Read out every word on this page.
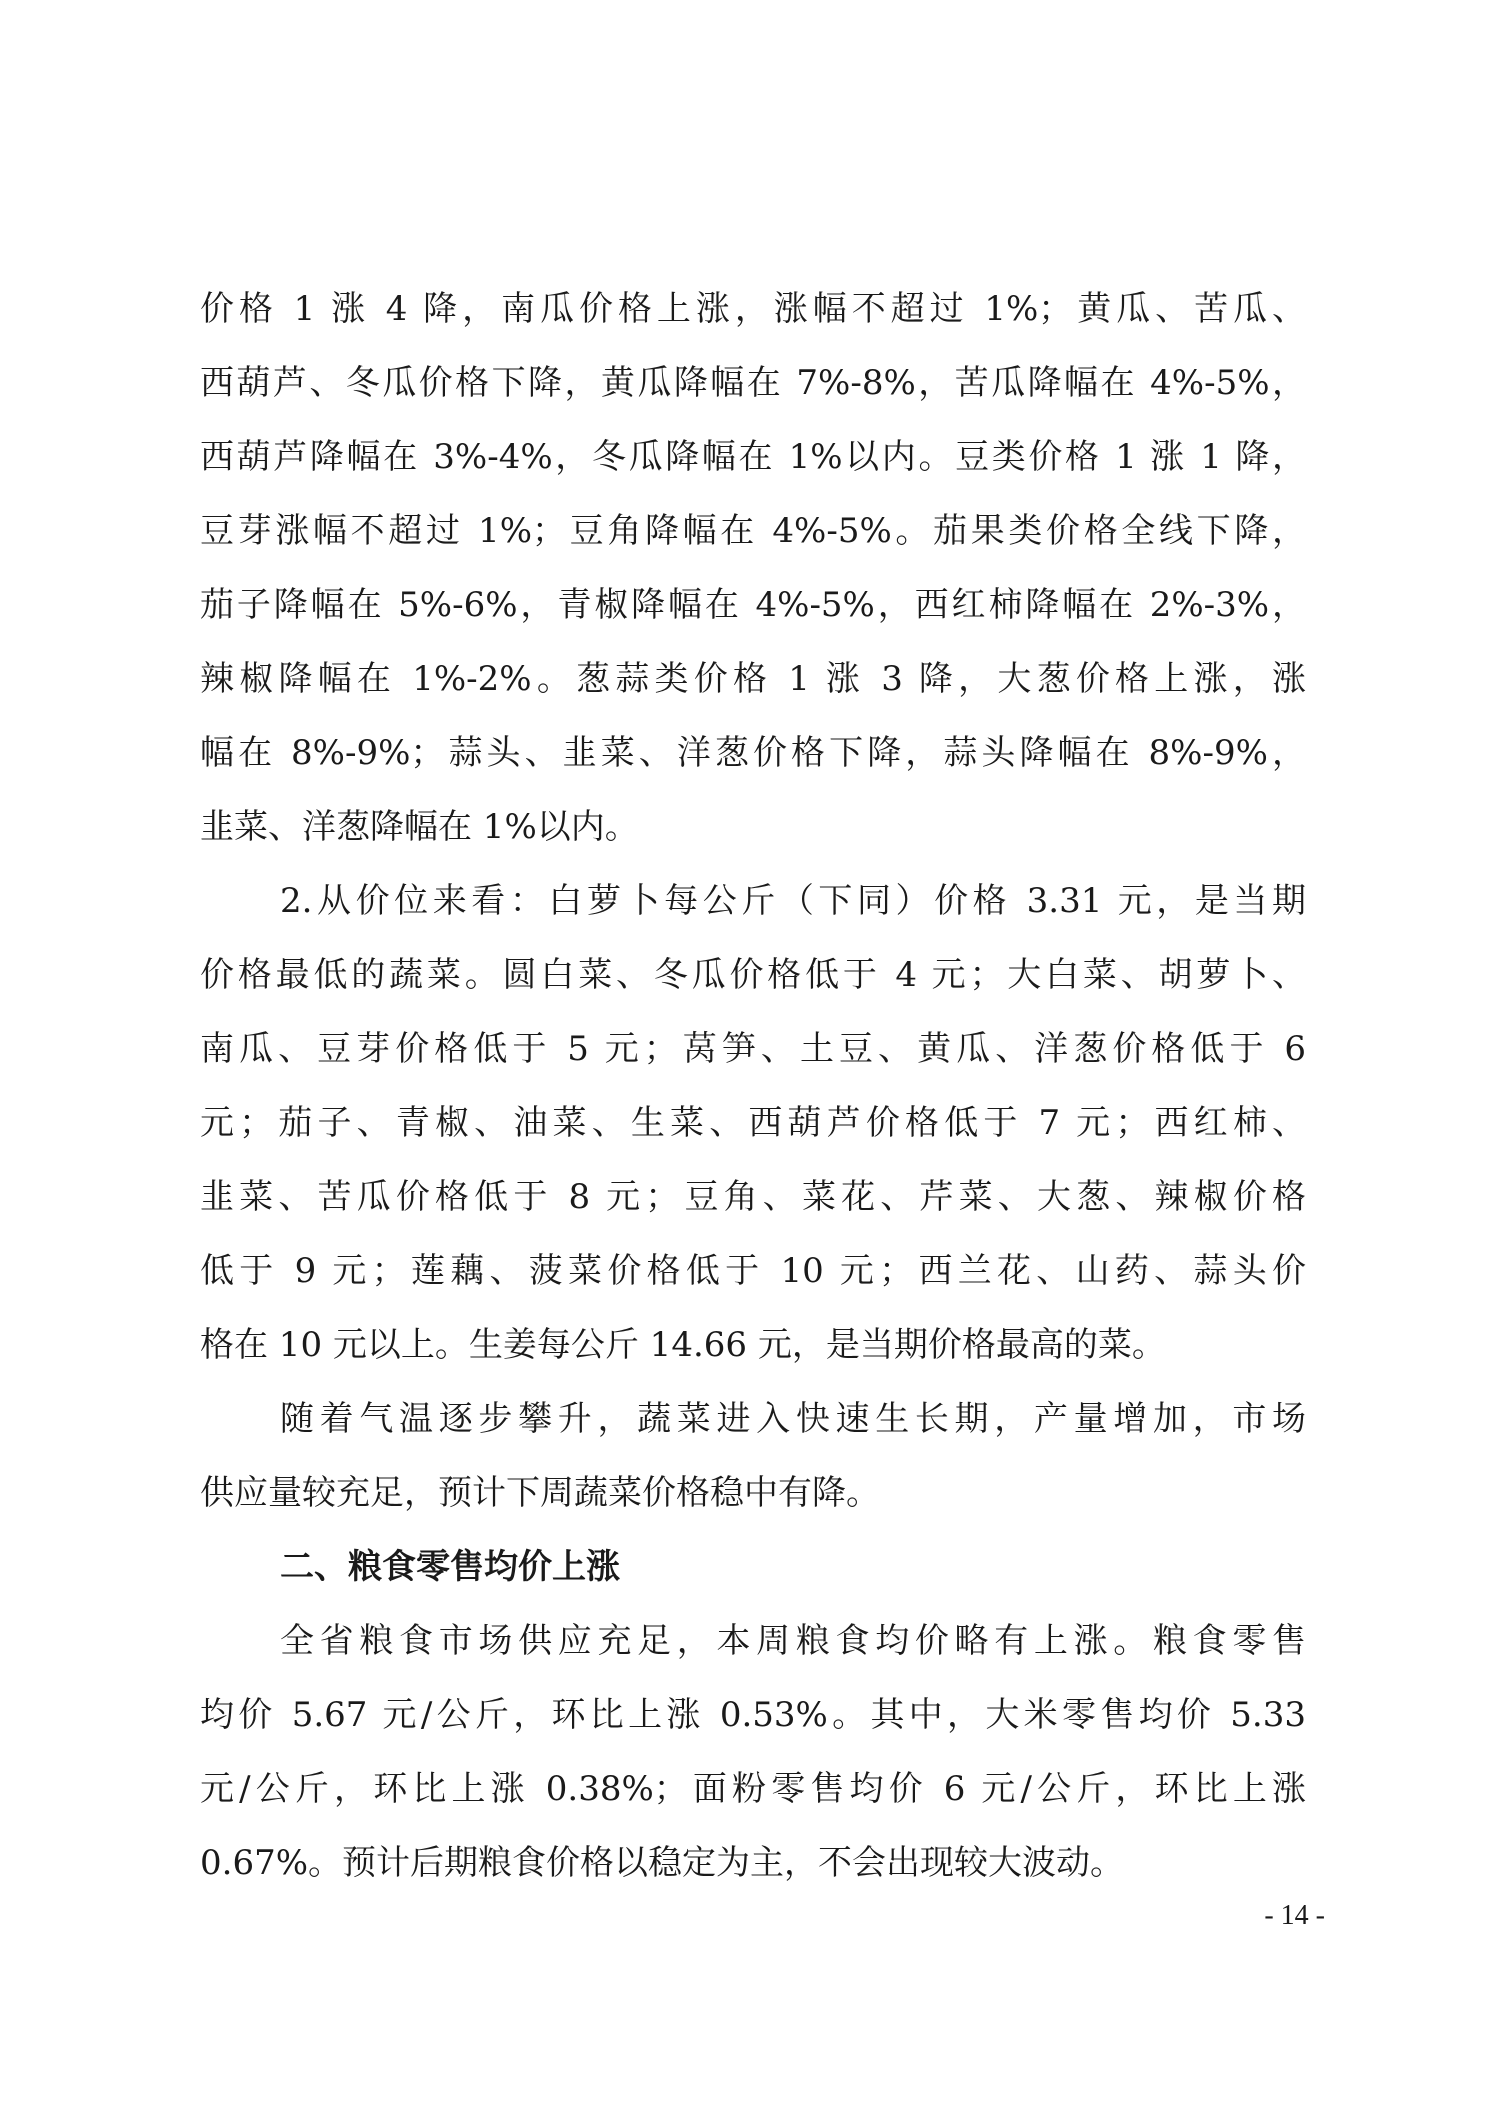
价格 1 涨 4 降，南瓜价格上涨，涨幅不超过 1%；黄瓜、苦瓜、
西葫芦、冬瓜价格下降，黄瓜降幅在 7%-8%，苦瓜降幅在 4%-5%，
西葫芦降幅在 3%-4%，冬瓜降幅在 1%以内。豆类价格 1 涨 1 降，
豆芽涨幅不超过 1%；豆角降幅在 4%-5%。茄果类价格全线下降，
茄子降幅在 5%-6%，青椒降幅在 4%-5%，西红柿降幅在 2%-3%，
辣椒降幅在 1%-2%。葱蒜类价格 1 涨 3 降，大葱价格上涨，涨
幅在 8%-9%；蒜头、韭菜、洋葱价格下降，蒜头降幅在 8%-9%，
韭菜、洋葱降幅在 1%以内。
2.从价位来看：白萝卜每公斤（下同）价格 3.31 元，是当期
价格最低的蔬菜。圆白菜、冬瓜价格低于 4 元；大白菜、胡萝卜、
南瓜、豆芽价格低于 5 元；莴笋、土豆、黄瓜、洋葱价格低于 6
元；茄子、青椒、油菜、生菜、西葫芦价格低于 7 元；西红柿、
韭菜、苦瓜价格低于 8 元；豆角、菜花、芹菜、大葱、辣椒价格
低于 9 元；莲藕、菠菜价格低于 10 元；西兰花、山药、蒜头价
格在 10 元以上。生姜每公斤 14.66 元，是当期价格最高的菜。
随着气温逐步攀升，蔬菜进入快速生长期，产量增加，市场
供应量较充足，预计下周蔬菜价格稳中有降。
二、粮食零售均价上涨
全省粮食市场供应充足，本周粮食均价略有上涨。粮食零售
均价 5.67 元/公斤，环比上涨 0.53%。其中，大米零售均价 5.33
元/公斤，环比上涨 0.38%；面粉零售均价 6 元/公斤，环比上涨
0.67%。预计后期粮食价格以稳定为主，不会出现较大波动。
- 14 -
